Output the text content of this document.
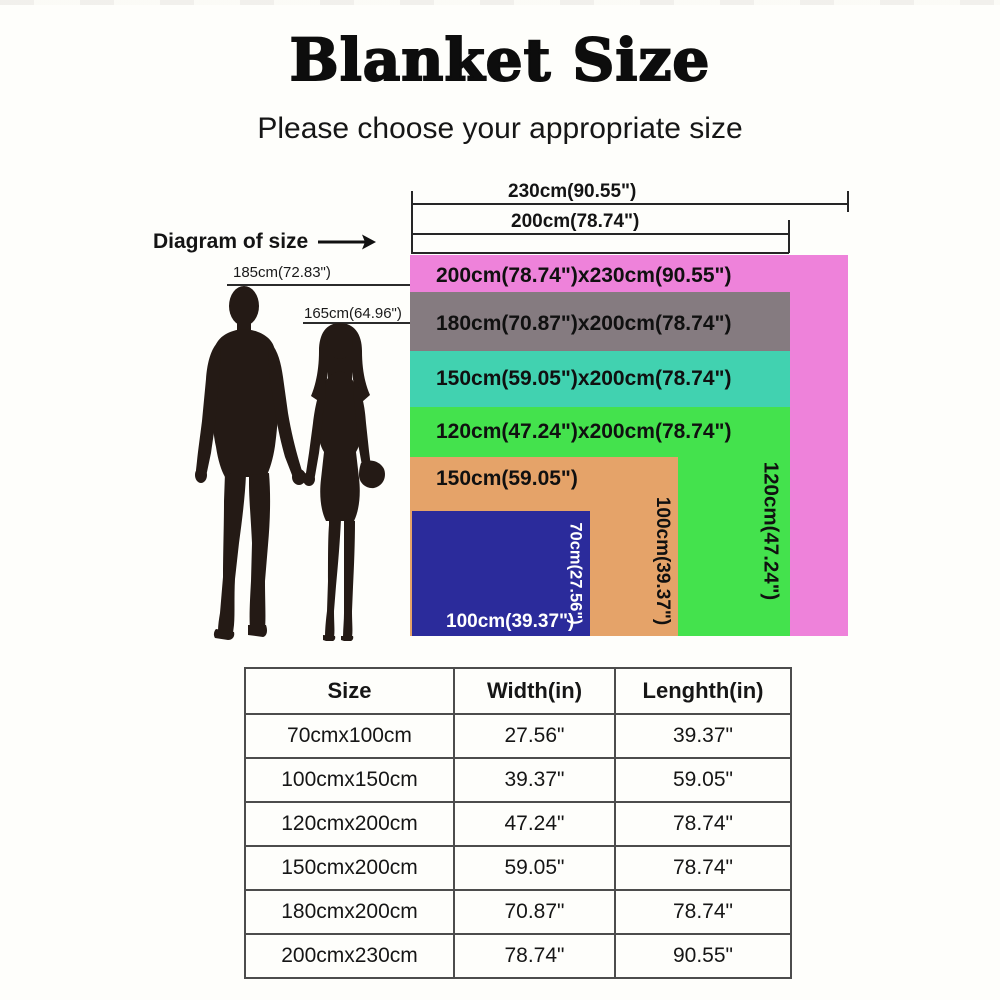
Blanket Size
Please choose your appropriate size
230cm(90.55")
200cm(78.74")
Diagram of size
185cm(72.83")
165cm(64.96")
200cm(78.74")x230cm(90.55")
180cm(70.87")x200cm(78.74")
150cm(59.05")x200cm(78.74")
120cm(47.24")x200cm(78.74")
150cm(59.05")
100cm(39.37")
70cm(27.56")	100cm(39.37")	120cm(47.24")
Size	Width(in)	Lenghth(in)
70cmx100cm	27.56"	39.37"
100cmx150cm	39.37"	59.05"
120cmx200cm	47.24"	78.74"
150cmx200cm	59.05"	78.74"
180cmx200cm	70.87"	78.74"
200cmx230cm	78.74"	90.55"
